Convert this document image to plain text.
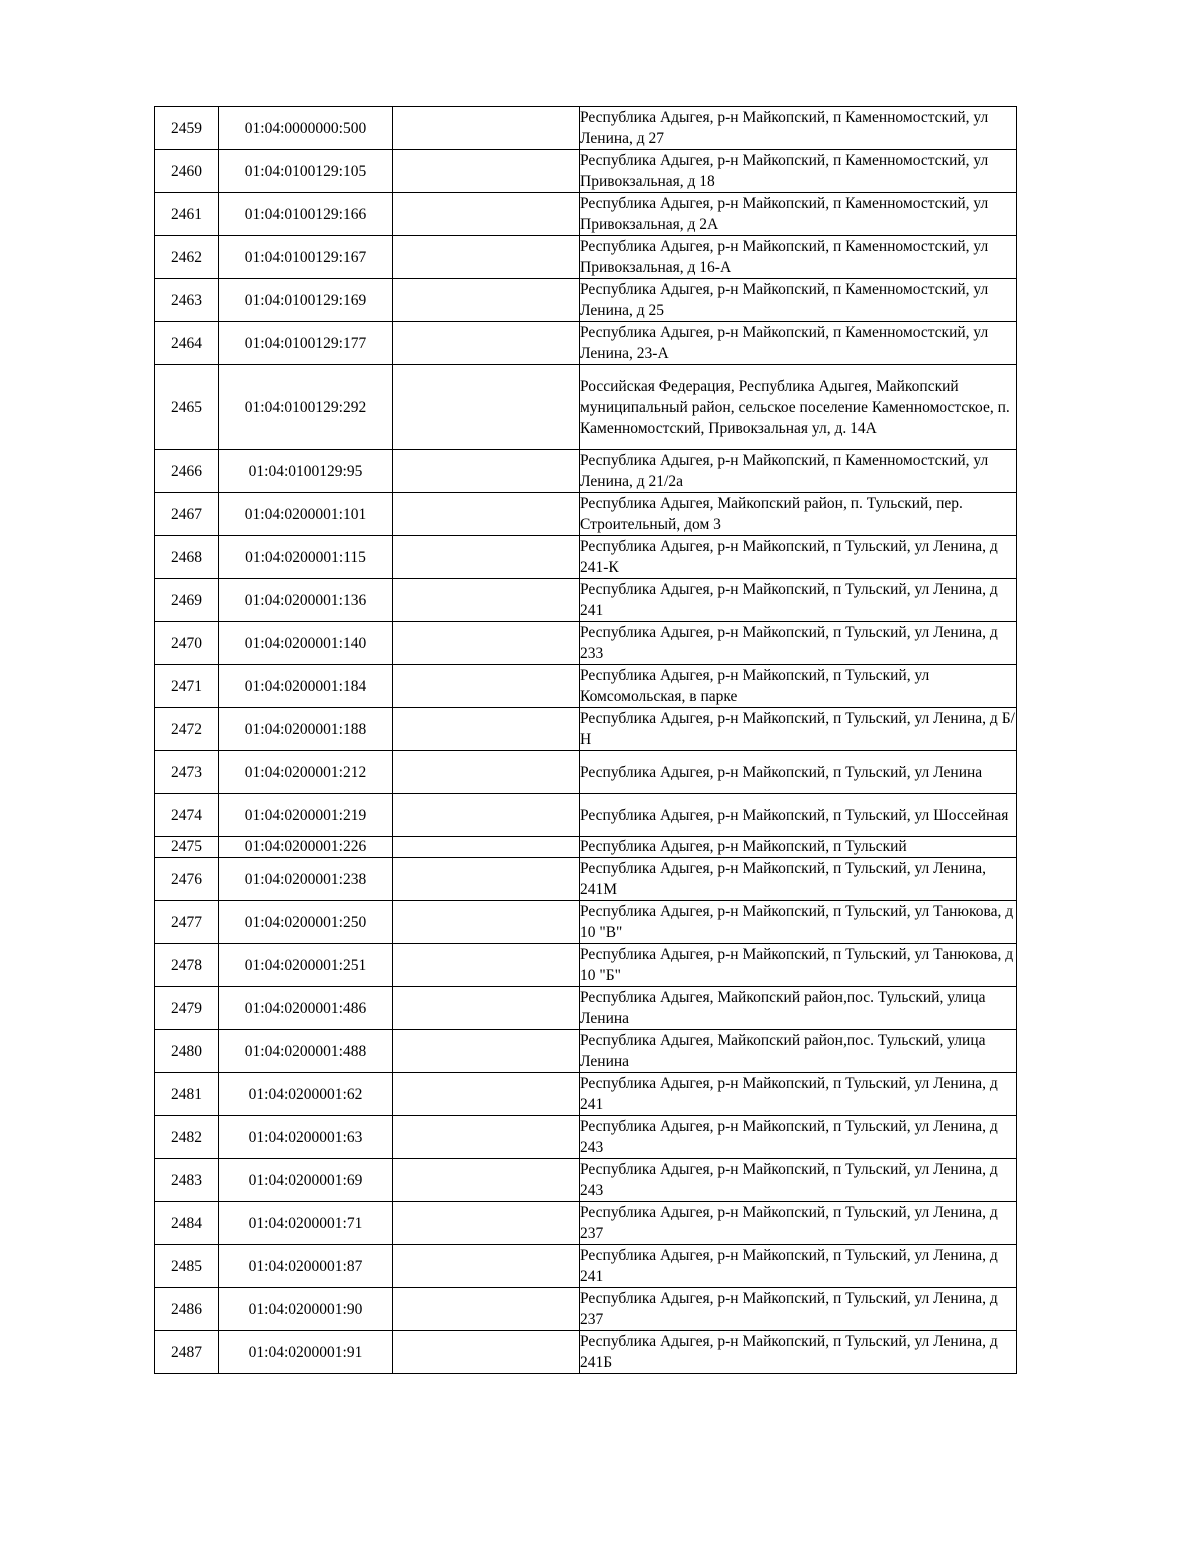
2459	01:04:0000000:500		Республика Адыгея, р-н Майкопский, п Каменномостский, ул Ленина, д 27
2460	01:04:0100129:105		Республика Адыгея, р-н Майкопский, п Каменномостский, ул Привокзальная, д 18
2461	01:04:0100129:166		Республика Адыгея, р-н Майкопский, п Каменномостский, ул Привокзальная, д 2А
2462	01:04:0100129:167		Республика Адыгея, р-н Майкопский, п Каменномостский, ул Привокзальная, д 16-А
2463	01:04:0100129:169		Республика Адыгея, р-н Майкопский, п Каменномостский, ул Ленина, д 25
2464	01:04:0100129:177		Республика Адыгея, р-н Майкопский, п Каменномостский, ул Ленина, 23-А
2465	01:04:0100129:292		Российская Федерация, Республика Адыгея, Майкопский муниципальный район, сельское поселение Каменномостское, п. Каменномостский, Привокзальная ул, д. 14А
2466	01:04:0100129:95		Республика Адыгея, р-н Майкопский, п Каменномостский, ул Ленина, д 21/2а
2467	01:04:0200001:101		Республика Адыгея, Майкопский район, п. Тульский, пер. Строительный, дом 3
2468	01:04:0200001:115		Республика Адыгея, р-н Майкопский, п Тульский, ул Ленина, д 241-К
2469	01:04:0200001:136		Республика Адыгея, р-н Майкопский, п Тульский, ул Ленина, д 241
2470	01:04:0200001:140		Республика Адыгея, р-н Майкопский, п Тульский, ул Ленина, д 233
2471	01:04:0200001:184		Республика Адыгея, р-н Майкопский, п Тульский, ул Комсомольская, в парке
2472	01:04:0200001:188		Республика Адыгея, р-н Майкопский, п Тульский, ул Ленина, д Б/Н
2473	01:04:0200001:212		Республика Адыгея, р-н Майкопский, п Тульский, ул Ленина
2474	01:04:0200001:219		Республика Адыгея, р-н Майкопский, п Тульский, ул Шоссейная
2475	01:04:0200001:226		Республика Адыгея, р-н Майкопский, п Тульский
2476	01:04:0200001:238		Республика Адыгея, р-н Майкопский, п Тульский, ул Ленина, 241М
2477	01:04:0200001:250		Республика Адыгея, р-н Майкопский, п Тульский, ул Танюкова, д 10 "В"
2478	01:04:0200001:251		Республика Адыгея, р-н Майкопский, п Тульский, ул Танюкова, д 10 "Б"
2479	01:04:0200001:486		Республика Адыгея, Майкопский район,пос. Тульский, улица Ленина
2480	01:04:0200001:488		Республика Адыгея, Майкопский район,пос. Тульский, улица Ленина
2481	01:04:0200001:62		Республика Адыгея, р-н Майкопский, п Тульский, ул Ленина, д 241
2482	01:04:0200001:63		Республика Адыгея, р-н Майкопский, п Тульский, ул Ленина, д 243
2483	01:04:0200001:69		Республика Адыгея, р-н Майкопский, п Тульский, ул Ленина, д 243
2484	01:04:0200001:71		Республика Адыгея, р-н Майкопский, п Тульский, ул Ленина, д 237
2485	01:04:0200001:87		Республика Адыгея, р-н Майкопский, п Тульский, ул Ленина, д 241
2486	01:04:0200001:90		Республика Адыгея, р-н Майкопский, п Тульский, ул Ленина, д 237
2487	01:04:0200001:91		Республика Адыгея, р-н Майкопский, п Тульский, ул Ленина, д 241Б
